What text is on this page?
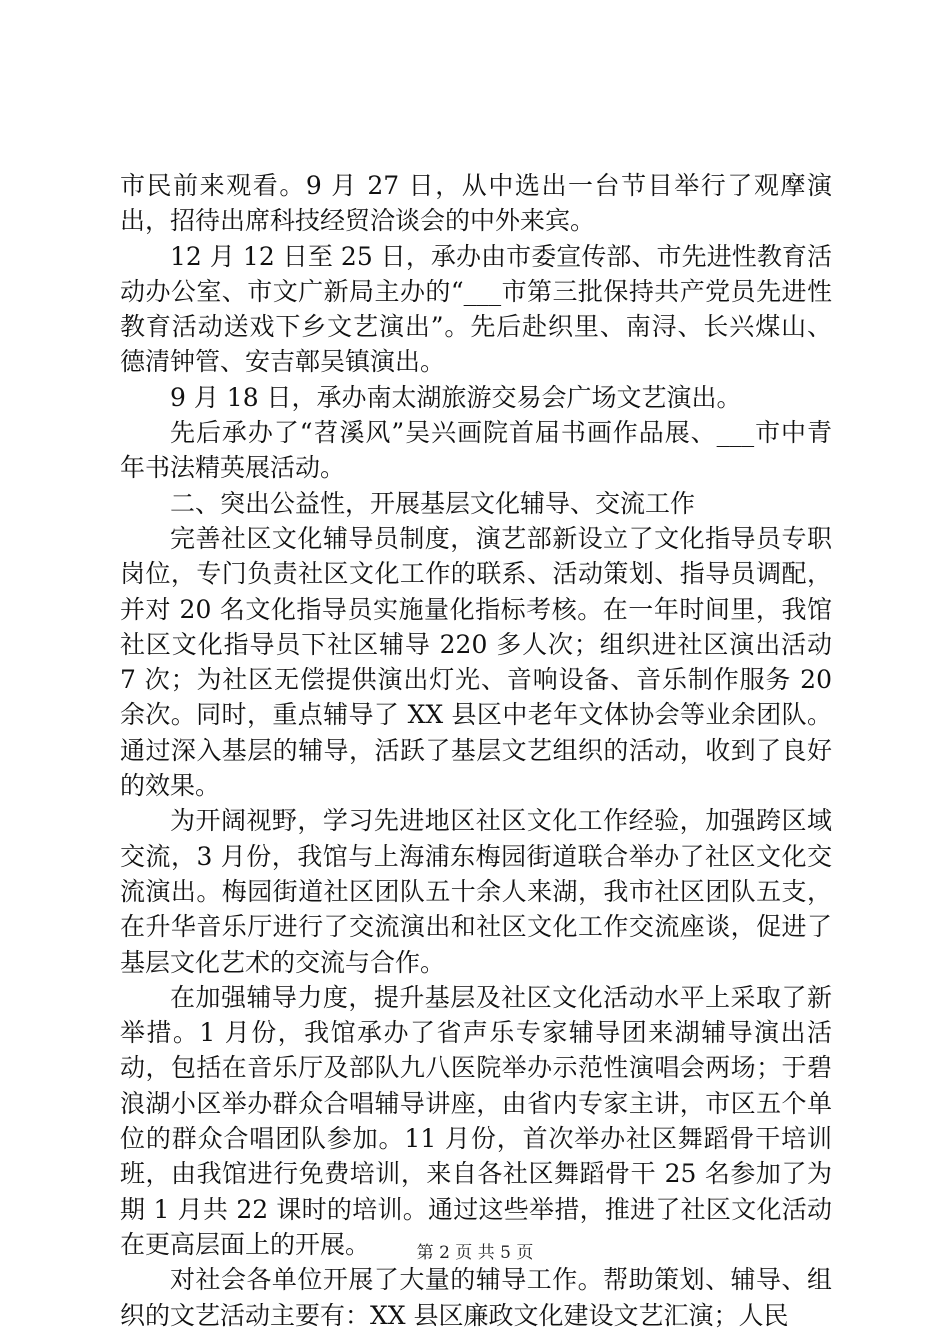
市民前来观看。9 月 27 日，从中选出一台节目举行了观摩演出，招待出席科技经贸洽谈会的中外来宾。

12 月 12 日至 25 日，承办由市委宣传部、市先进性教育活动办公室、市文广新局主办的“___市第三批保持共产党员先进性教育活动送戏下乡文艺演出”。先后赴织里、南浔、长兴煤山、德清钟管、安吉鄣吴镇演出。

9 月 18 日，承办南太湖旅游交易会广场文艺演出。

先后承办了“苕溪风”吴兴画院首届书画作品展、___市中青年书法精英展活动。

二、突出公益性，开展基层文化辅导、交流工作

完善社区文化辅导员制度，演艺部新设立了文化指导员专职岗位，专门负责社区文化工作的联系、活动策划、指导员调配，并对 20 名文化指导员实施量化指标考核。在一年时间里，我馆社区文化指导员下社区辅导 220 多人次；组织进社区演出活动 7 次；为社区无偿提供演出灯光、音响设备、音乐制作服务 20 余次。同时，重点辅导了 XX 县区中老年文体协会等业余团队。通过深入基层的辅导，活跃了基层文艺组织的活动，收到了良好的效果。

为开阔视野，学习先进地区社区文化工作经验，加强跨区域交流，3 月份，我馆与上海浦东梅园街道联合举办了社区文化交流演出。梅园街道社区团队五十余人来湖，我市社区团队五支，在升华音乐厅进行了交流演出和社区文化工作交流座谈，促进了基层文化艺术的交流与合作。

在加强辅导力度，提升基层及社区文化活动水平上采取了新举措。1 月份，我馆承办了省声乐专家辅导团来湖辅导演出活动，包括在音乐厅及部队九八医院举办示范性演唱会两场；于碧浪湖小区举办群众合唱辅导讲座，由省内专家主讲，市区五个单位的群众合唱团队参加。11 月份，首次举办社区舞蹈骨干培训班，由我馆进行免费培训，来自各社区舞蹈骨干 25 名参加了为期 1 月共 22 课时的培训。通过这些举措，推进了社区文化活动在更高层面上的开展。

对社会各单位开展了大量的辅导工作。帮助策划、辅导、组织的文艺活动主要有：XX 县区廉政文化建设文艺汇演；人民

第 2 页 共 5 页
